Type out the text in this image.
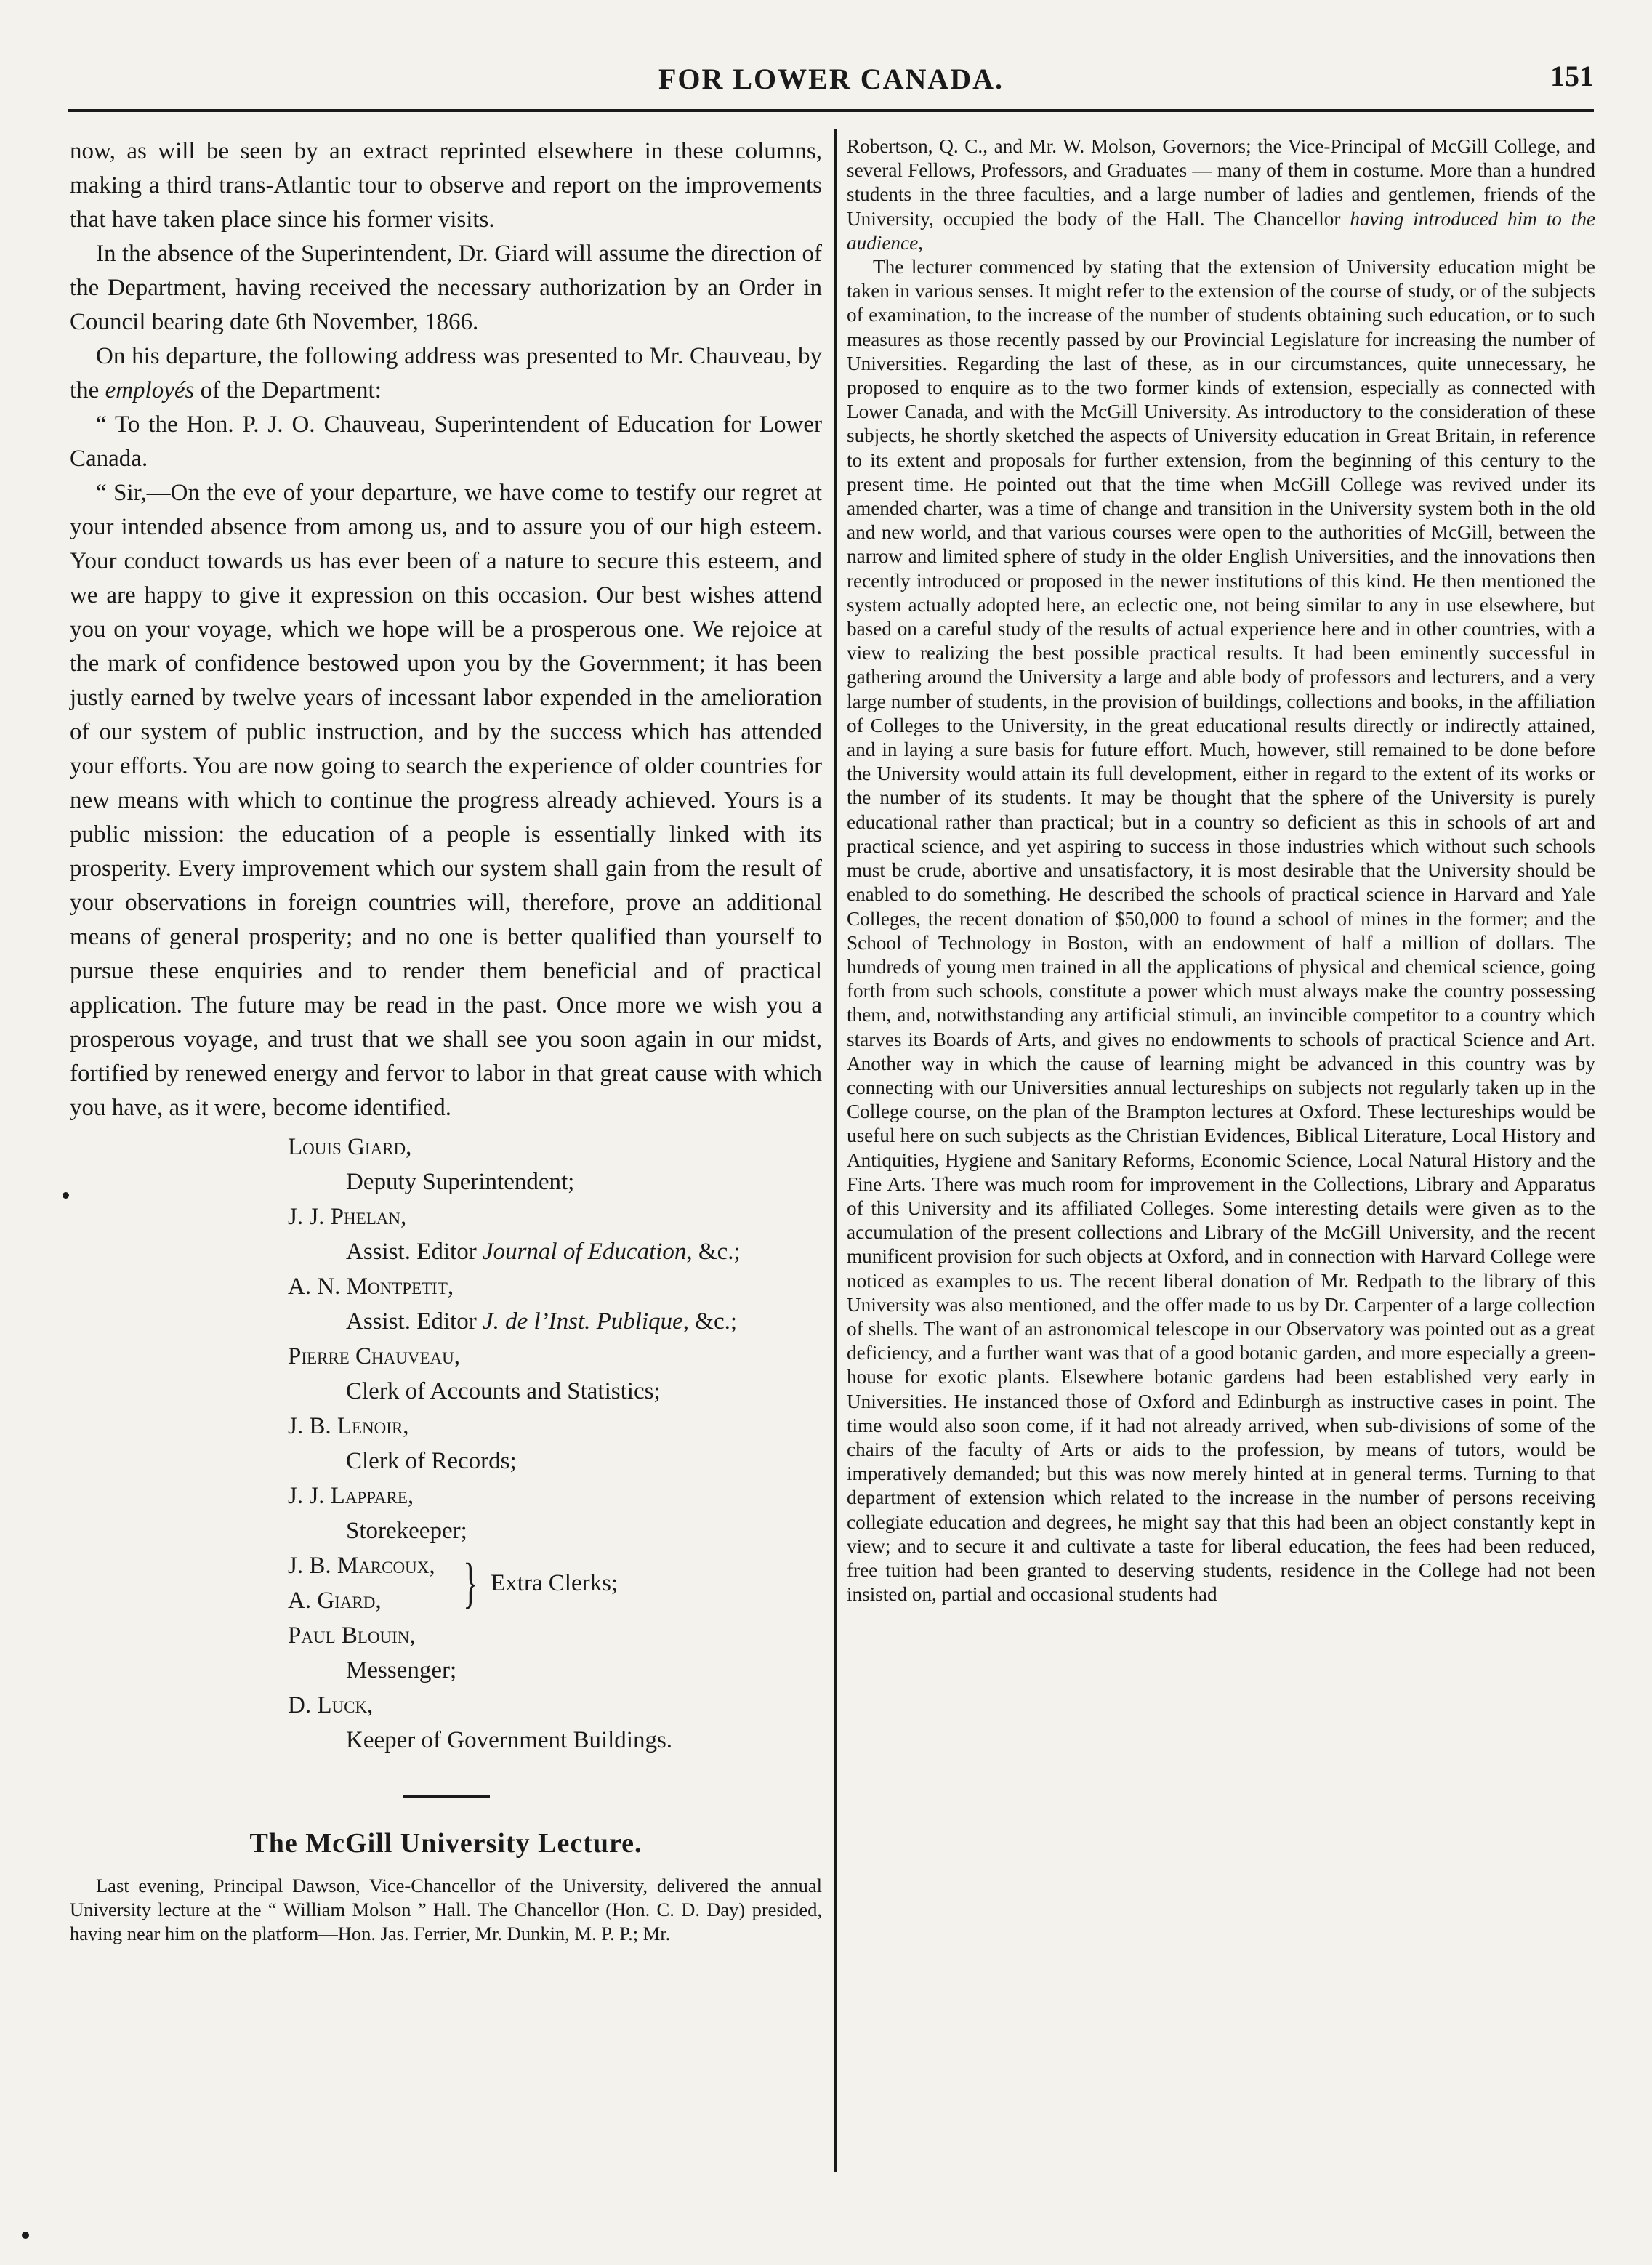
FOR LOWER CANADA.	151

now, as will be seen by an extract reprinted elsewhere in these columns, making a third trans-Atlantic tour to observe and report on the improvements that have taken place since his former visits.

In the absence of the Superintendent, Dr. Giard will assume the direction of the Department, having received the necessary authorization by an Order in Council bearing date 6th November, 1866.

On his departure, the following address was presented to Mr. Chauveau, by the employés of the Department:

“ To the Hon. P. J. O. Chauveau, Superintendent of Education for Lower Canada.

“ Sir,—On the eve of your departure, we have come to testify our regret at your intended absence from among us, and to assure you of our high esteem. Your conduct towards us has ever been of a nature to secure this esteem, and we are happy to give it expression on this occasion. Our best wishes attend you on your voyage, which we hope will be a prosperous one. We rejoice at the mark of confidence bestowed upon you by the Government; it has been justly earned by twelve years of incessant labor expended in the amelioration of our system of public instruction, and by the success which has attended your efforts. You are now going to search the experience of older countries for new means with which to continue the progress already achieved. Yours is a public mission: the education of a people is essentially linked with its prosperity. Every improvement which our system shall gain from the result of your observations in foreign countries will, therefore, prove an additional means of general prosperity; and no one is better qualified than yourself to pursue these enquiries and to render them beneficial and of practical application. The future may be read in the past. Once more we wish you a prosperous voyage, and trust that we shall see you soon again in our midst, fortified by renewed energy and fervor to labor in that great cause with which you have, as it were, become identified.

Louis Giard,
Deputy Superintendent;
J. J. Phelan,
Assist. Editor Journal of Education, &c.;
A. N. Montpetit,
Assist. Editor J. de l’Inst. Publique, &c.;
Pierre Chauveau,
Clerk of Accounts and Statistics;
J. B. Lenoir,
Clerk of Records;
J. J. Lappare,
Storekeeper;
J. B. Marcoux,
A. Giard,	} Extra Clerks;
Paul Blouin,
Messenger;
D. Luck,
Keeper of Government Buildings.
The McGill University Lecture.

Last evening, Principal Dawson, Vice-Chancellor of the University, delivered the annual University lecture at the “ William Molson ” Hall. The Chancellor (Hon. C. D. Day) presided, having near him on the platform—Hon. Jas. Ferrier, Mr. Dunkin, M. P. P.; Mr.

Robertson, Q. C., and Mr. W. Molson, Governors; the Vice-Principal of McGill College, and several Fellows, Professors, and Graduates — many of them in costume. More than a hundred students in the three faculties, and a large number of ladies and gentlemen, friends of the University, occupied the body of the Hall. The Chancellor having introduced him to the audience,

The lecturer commenced by stating that the extension of University education might be taken in various senses. It might refer to the extension of the course of study, or of the subjects of examination, to the increase of the number of students obtaining such education, or to such measures as those recently passed by our Provincial Legislature for increasing the number of Universities. Regarding the last of these, as in our circumstances, quite unnecessary, he proposed to enquire as to the two former kinds of extension, especially as connected with Lower Canada, and with the McGill University. As introductory to the consideration of these subjects, he shortly sketched the aspects of University education in Great Britain, in reference to its extent and proposals for further extension, from the beginning of this century to the present time. He pointed out that the time when McGill College was revived under its amended charter, was a time of change and transition in the University system both in the old and new world, and that various courses were open to the authorities of McGill, between the narrow and limited sphere of study in the older English Universities, and the innovations then recently introduced or proposed in the newer institutions of this kind. He then mentioned the system actually adopted here, an eclectic one, not being similar to any in use elsewhere, but based on a careful study of the results of actual experience here and in other countries, with a view to realizing the best possible practical results. It had been eminently successful in gathering around the University a large and able body of professors and lecturers, and a very large number of students, in the provision of buildings, collections and books, in the affiliation of Colleges to the University, in the great educational results directly or indirectly attained, and in laying a sure basis for future effort. Much, however, still remained to be done before the University would attain its full development, either in regard to the extent of its works or the number of its students. It may be thought that the sphere of the University is purely educational rather than practical; but in a country so deficient as this in schools of art and practical science, and yet aspiring to success in those industries which without such schools must be crude, abortive and unsatisfactory, it is most desirable that the University should be enabled to do something. He described the schools of practical science in Harvard and Yale Colleges, the recent donation of $50,000 to found a school of mines in the former; and the School of Technology in Boston, with an endowment of half a million of dollars. The hundreds of young men trained in all the applications of physical and chemical science, going forth from such schools, constitute a power which must always make the country possessing them, and, notwithstanding any artificial stimuli, an invincible competitor to a country which starves its Boards of Arts, and gives no endowments to schools of practical Science and Art. Another way in which the cause of learning might be advanced in this country was by connecting with our Universities annual lectureships on subjects not regularly taken up in the College course, on the plan of the Brampton lectures at Oxford. These lectureships would be useful here on such subjects as the Christian Evidences, Biblical Literature, Local History and Antiquities, Hygiene and Sanitary Reforms, Economic Science, Local Natural History and the Fine Arts. There was much room for improvement in the Collections, Library and Apparatus of this University and its affiliated Colleges. Some interesting details were given as to the accumulation of the present collections and Library of the McGill University, and the recent munificent provision for such objects at Oxford, and in connection with Harvard College were noticed as examples to us. The recent liberal donation of Mr. Redpath to the library of this University was also mentioned, and the offer made to us by Dr. Carpenter of a large collection of shells. The want of an astronomical telescope in our Observatory was pointed out as a great deficiency, and a further want was that of a good botanic garden, and more especially a green-house for exotic plants. Elsewhere botanic gardens had been established very early in Universities. He instanced those of Oxford and Edinburgh as instructive cases in point. The time would also soon come, if it had not already arrived, when sub-divisions of some of the chairs of the faculty of Arts or aids to the profession, by means of tutors, would be imperatively demanded; but this was now merely hinted at in general terms. Turning to that department of extension which related to the increase in the number of persons receiving collegiate education and degrees, he might say that this had been an object constantly kept in view; and to secure it and cultivate a taste for liberal education, the fees had been reduced, free tuition had been granted to deserving students, residence in the College had not been insisted on, partial and occasional students had
